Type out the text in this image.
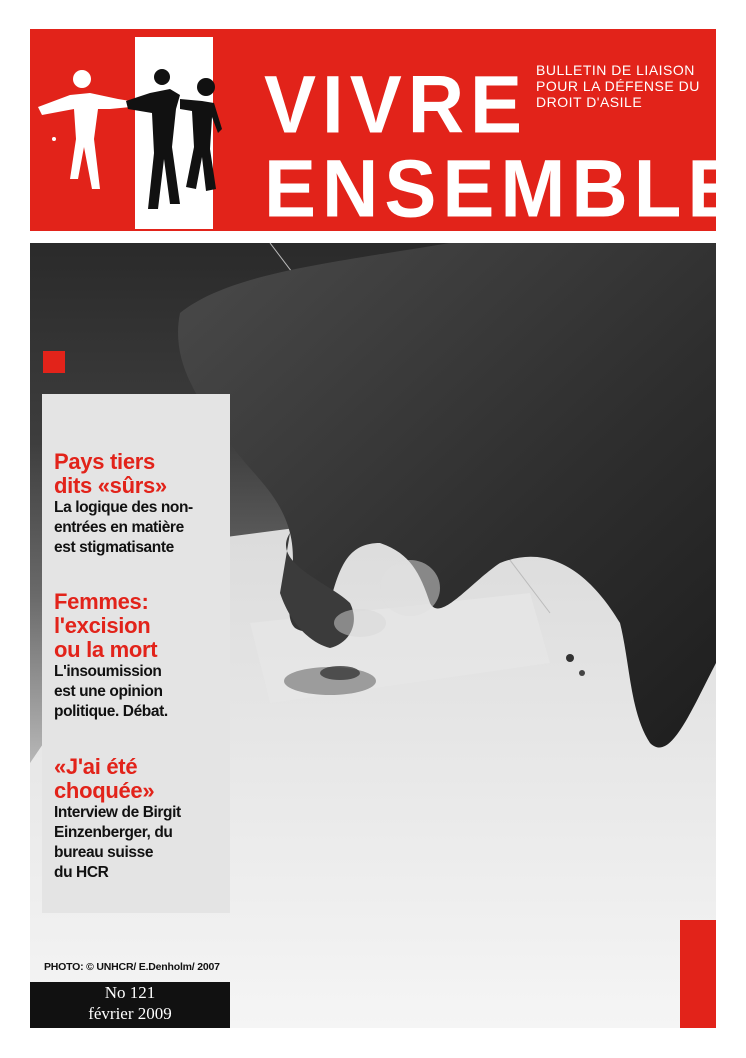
VIVRE
ENSEMBLE
BULLETIN DE LIAISON
POUR LA DÉFENSE DU
DROIT D'ASILE
Pays tiers
dits «sûrs»
La logique des non-
entrées en matière
est stigmatisante
Femmes:
l'excision
ou la mort
L'insoumission
est une opinion
politique. Débat.
«J'ai été
choquée»
Interview de Birgit
Einzenberger, du
bureau suisse
du HCR
PHOTO: © UNHCR/ E.Denholm/ 2007
No 121
février 2009
